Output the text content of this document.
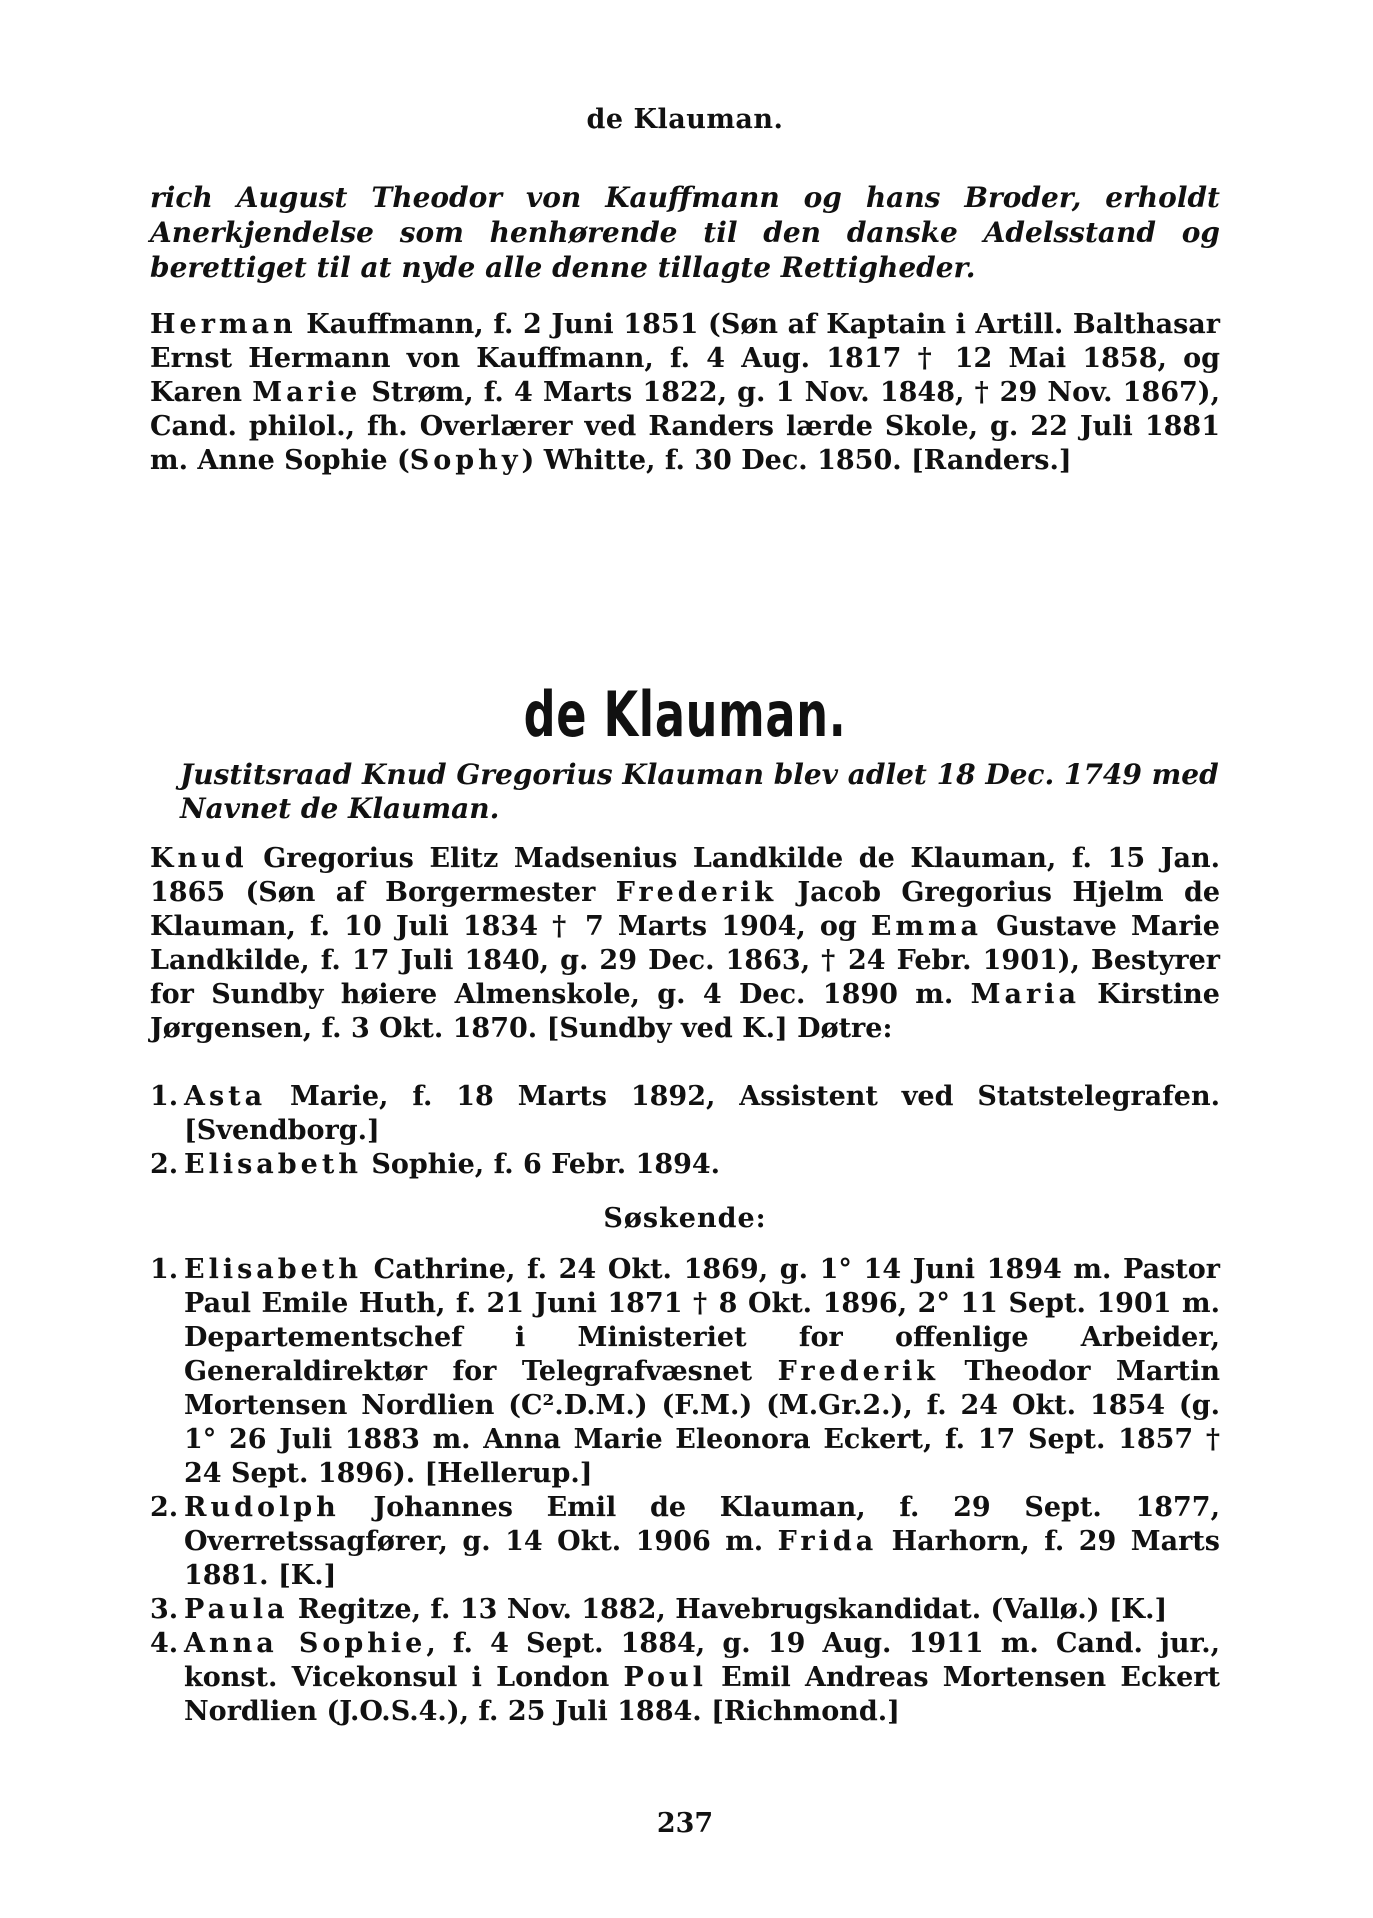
de Klauman.
rich August Theodor von Kauffmann og hans Broder, erholdt Anerkjendelse som henhørende til den danske Adelsstand og berettiget til at nyde alle denne tillagte Rettigheder.

Herman Kauffmann, f. 2 Juni 1851 (Søn af Kaptain i Artill. Balthasar Ernst Hermann von Kauffmann, f. 4 Aug. 1817 † 12 Mai 1858, og Karen Marie Strøm, f. 4 Marts 1822, g. 1 Nov. 1848, † 29 Nov. 1867), Cand. philol., fh. Overlærer ved Randers lærde Skole, g. 22 Juli 1881 m. Anne Sophie (Sophy) Whitte, f. 30 Dec. 1850. [Randers.]

de Klauman.
Justitsraad Knud Gregorius Klauman blev adlet 18 Dec. 1749 med Navnet de Klauman.

Knud Gregorius Elitz Madsenius Landkilde de Klauman, f. 15 Jan. 1865 (Søn af Borgermester Frederik Jacob Gregorius Hjelm de Klauman, f. 10 Juli 1834 † 7 Marts 1904, og Emma Gustave Marie Landkilde, f. 17 Juli 1840, g. 29 Dec. 1863, † 24 Febr. 1901), Bestyrer for Sundby høiere Almenskole, g. 4 Dec. 1890 m. Maria Kirstine Jørgensen, f. 3 Okt. 1870. [Sundby ved K.] Døtre:

1. Asta Marie, f. 18 Marts 1892, Assistent ved Statstelegrafen. [Svendborg.]
2. Elisabeth Sophie, f. 6 Febr. 1894.
Søskende:
1. Elisabeth Cathrine, f. 24 Okt. 1869, g. 1° 14 Juni 1894 m. Pastor Paul Emile Huth, f. 21 Juni 1871 † 8 Okt. 1896, 2° 11 Sept. 1901 m. Departementschef i Ministeriet for offenlige Arbeider, Generaldirektør for Telegrafvæsnet Frederik Theodor Martin Mortensen Nordlien (C².D.M.) (F.M.) (M.Gr.2.), f. 24 Okt. 1854 (g. 1° 26 Juli 1883 m. Anna Marie Eleonora Eckert, f. 17 Sept. 1857 † 24 Sept. 1896). [Hellerup.]
2. Rudolph Johannes Emil de Klauman, f. 29 Sept. 1877, Overretssagfører, g. 14 Okt. 1906 m. Frida Harhorn, f. 29 Marts 1881. [K.]
3. Paula Regitze, f. 13 Nov. 1882, Havebrugskandidat. (Vallø.) [K.]
4. Anna Sophie, f. 4 Sept. 1884, g. 19 Aug. 1911 m. Cand. jur., konst. Vicekonsul i London Poul Emil Andreas Mortensen Eckert Nordlien (J.O.S.4.), f. 25 Juli 1884. [Richmond.]
237
